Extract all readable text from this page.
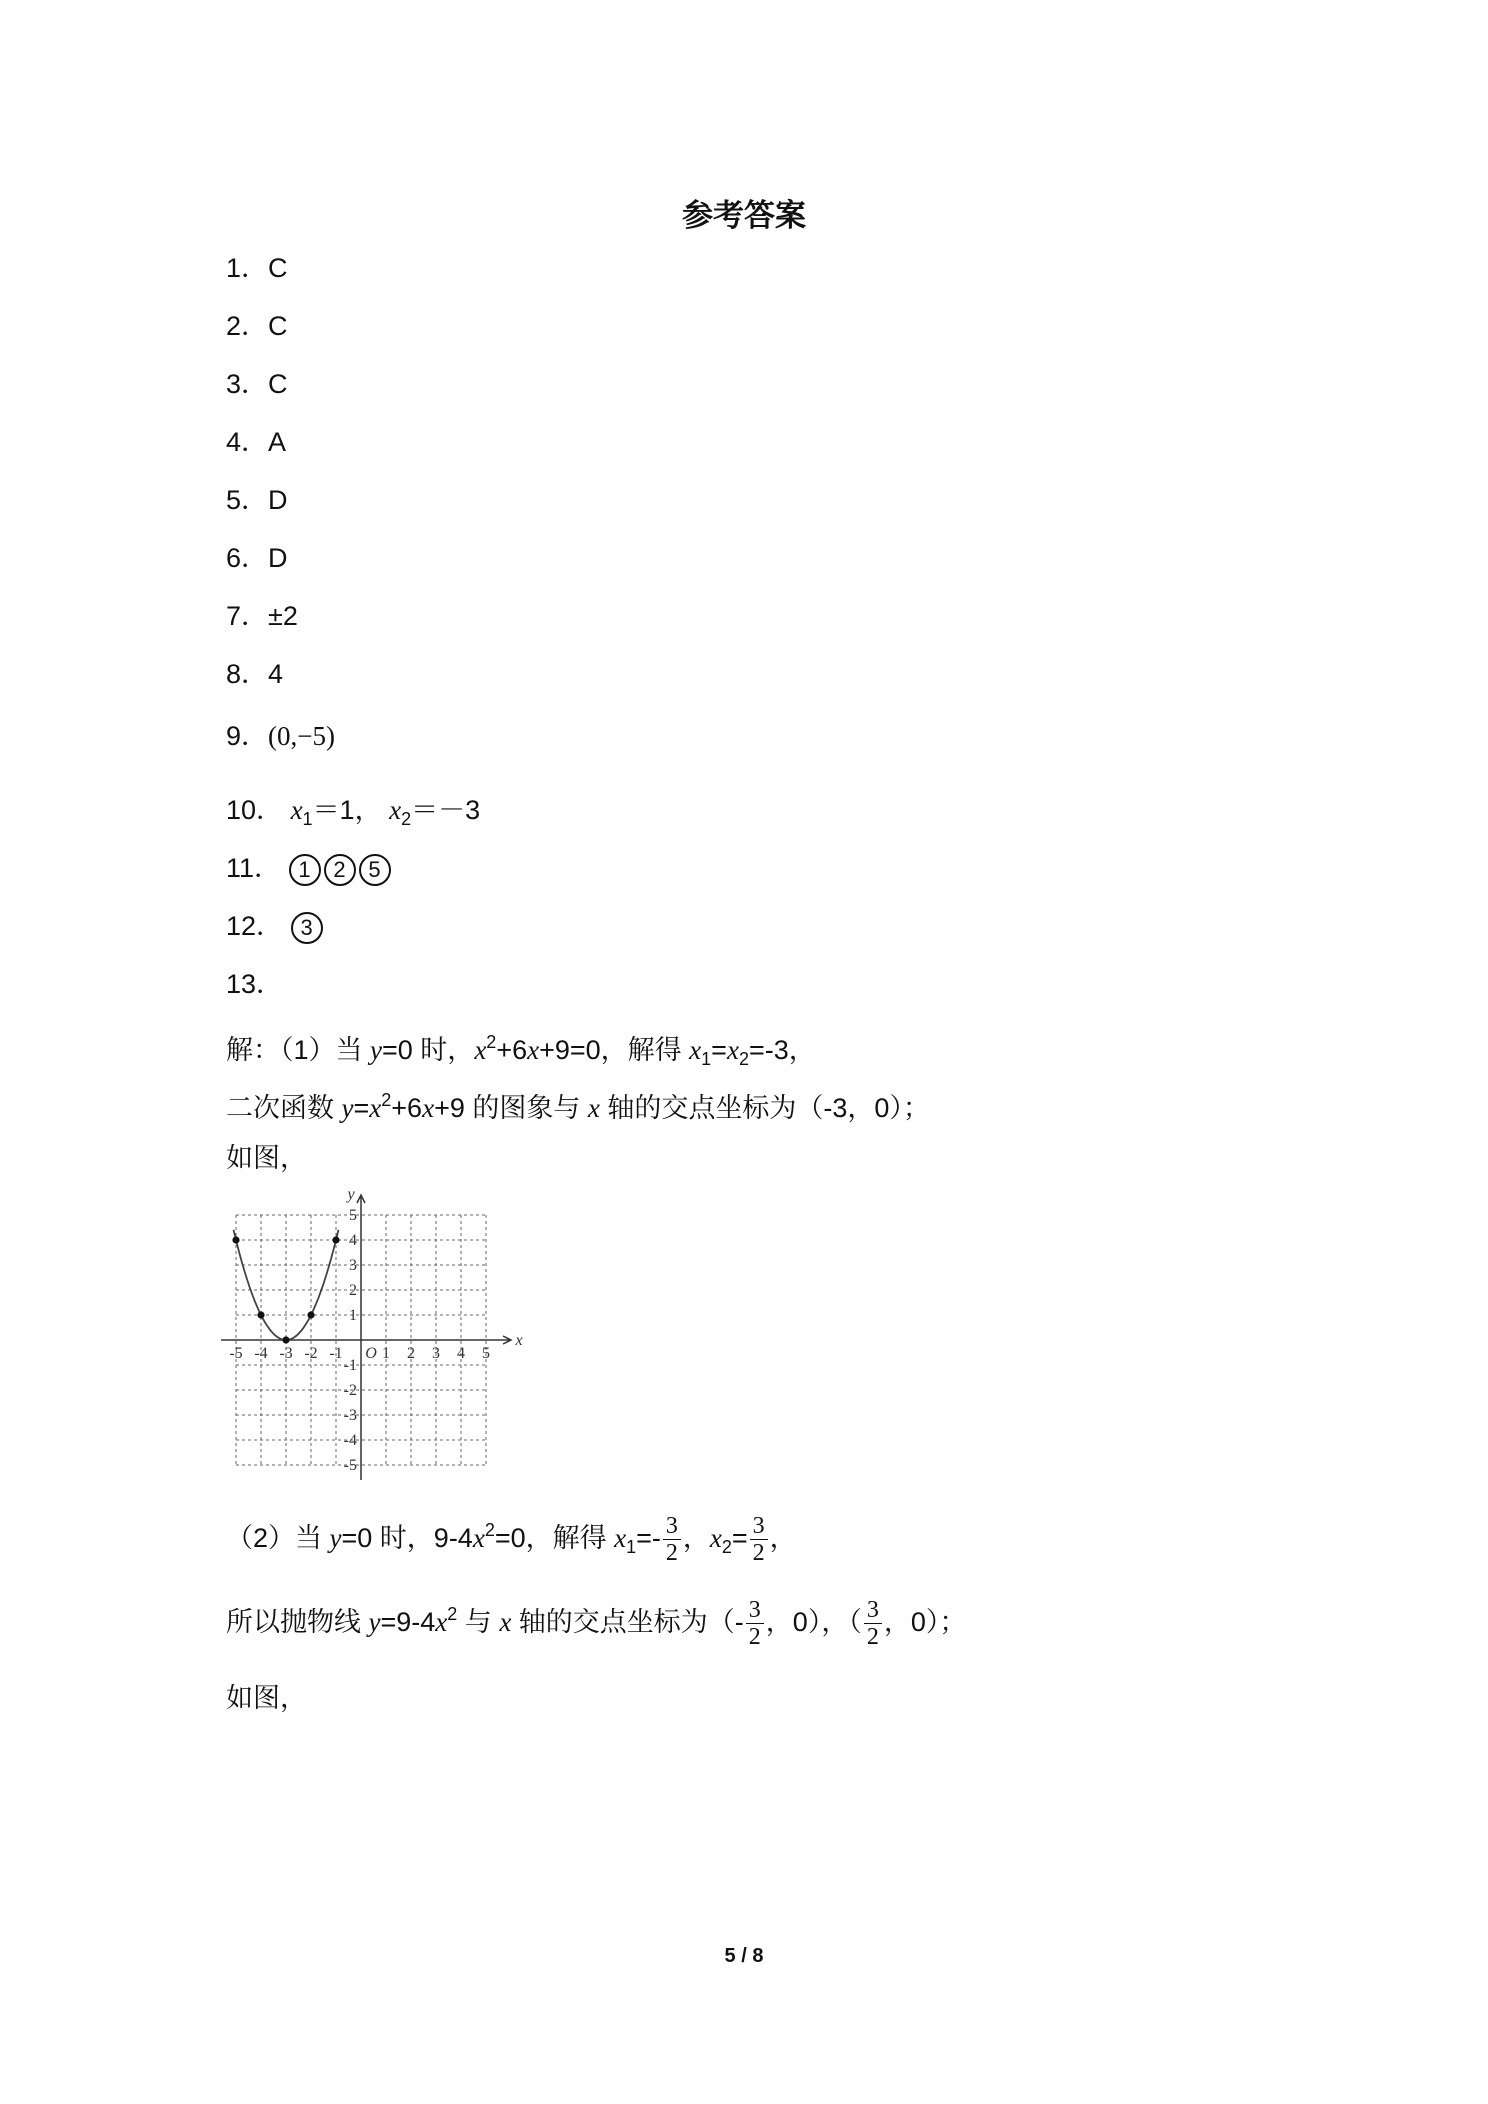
参考答案
1．C
2．C
3．C
4．A
5．D
6．D
7．±2
8．4
9．(0,−5)
10． $x_1=1$， $x_2=-3$
11． 1 2 5
12． 3
13．
解：（1）当 y=0 时，$x^2+6x+9=0$，解得 $x_1=x_2=-3$，
二次函数 $y=x^2+6x+9$ 的图象与 x 轴的交点坐标为（-3，0）；
如图，
-5 -4 -3 -2 -1 1 2 3 4 5
5
4
3
2
1
-1
-2
-3
-4
-5
x
y
O
（2）当 y=0 时，$9-4x^2=0$，解得 $x_1=- \frac{3}{2}$ ，$x_2= \frac{3}{2}$ ，
所以抛物线 $y=9-4x^2$ 与 x 轴的交点坐标为（- $\frac{3}{2}$ ，0），（ $\frac{3}{2}$ ，0）；
如图，
5 / 8
